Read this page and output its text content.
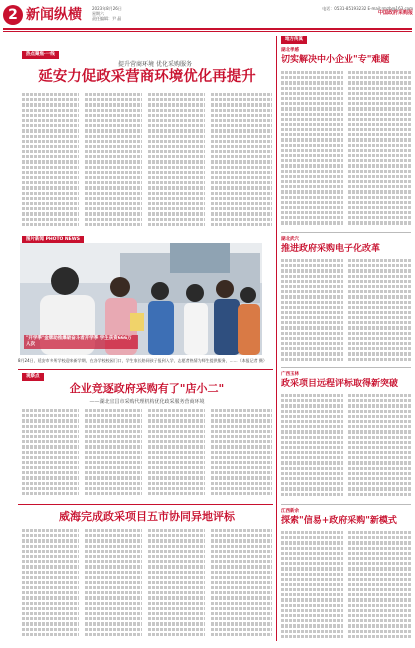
2 新闻纵横	2023年8月26日
星期六
责任编辑：尹 晶
电话：0531-85193232 E-mail:rmzb@163.com
中国政府采购报
热点聚焦·一线
提升营商环境 优化采购服务
延安力促政采营商环境优化再提升
图片新闻 PHOTO NEWS
"开学季"金牌助推爆破奋斗者开学季 学生获资666万人次
8月24日，延安市多所学校迎来新学期，在各学校校园门口，学生家长陪同孩子报到入学，志愿者热情为师生提供服务，……（本报记者 摄）
观察点
企业竞逐政府采购有了"店小二"
——湖北宜昌市采购代理机构优化政采服务营商环境
威海完成政采项目五市协同异地评标
地方传真
湖北孝感
切实解决中小企业"专"难题
湖北武穴
推进政府采购电子化改革
广西玉林
政采项目远程评标取得新突破
江西新余
探索"信易+政府采购"新模式
